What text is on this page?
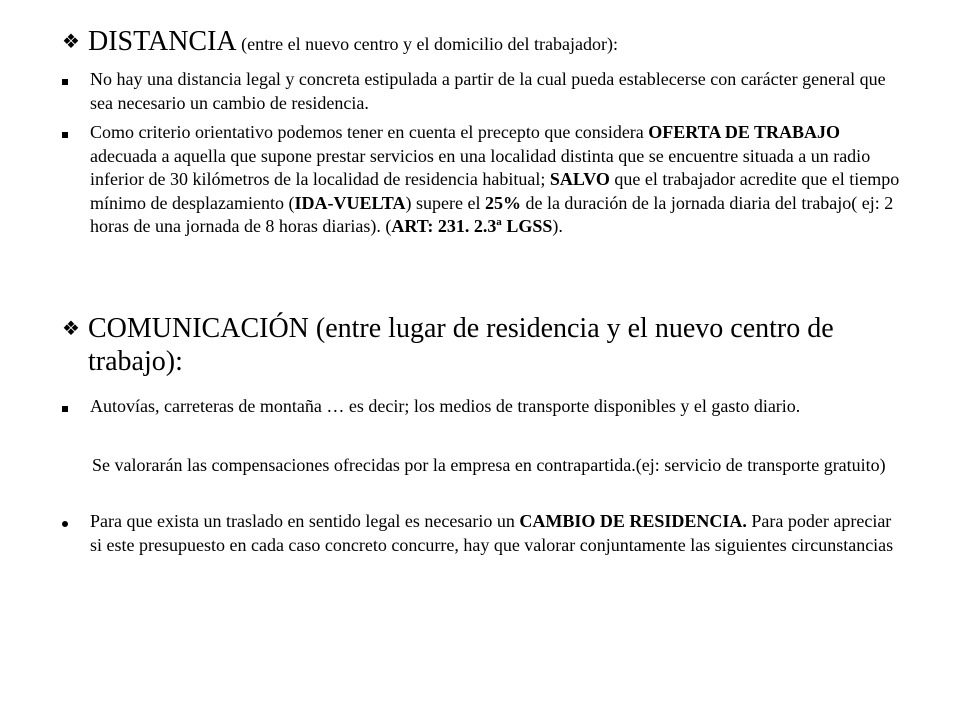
❖ DISTANCIA (entre el nuevo centro y el domicilio del trabajador):
No hay una distancia legal y concreta estipulada a partir de la cual pueda establecerse con carácter general que sea necesario un cambio de residencia.
Como criterio orientativo podemos tener en cuenta el precepto que considera OFERTA DE TRABAJO adecuada a aquella que supone prestar servicios en una localidad distinta que se encuentre situada a un radio inferior de 30 kilómetros de la localidad de residencia habitual; SALVO que el trabajador acredite que el tiempo mínimo de desplazamiento (IDA-VUELTA) supere el 25% de la duración de la jornada diaria del trabajo( ej: 2 horas de una jornada de 8 horas diarias). (ART: 231. 2.3ª LGSS).
❖ COMUNICACIÓN (entre lugar de residencia y el nuevo centro de trabajo):
Autovías, carreteras de montaña … es decir; los medios de transporte disponibles y el gasto diario.
Se valorarán las compensaciones ofrecidas por la empresa en contrapartida.(ej: servicio de transporte gratuito)
Para que exista un traslado en sentido legal es necesario un CAMBIO DE RESIDENCIA. Para poder apreciar si este presupuesto en cada caso concreto concurre, hay que valorar conjuntamente las siguientes circunstancias
